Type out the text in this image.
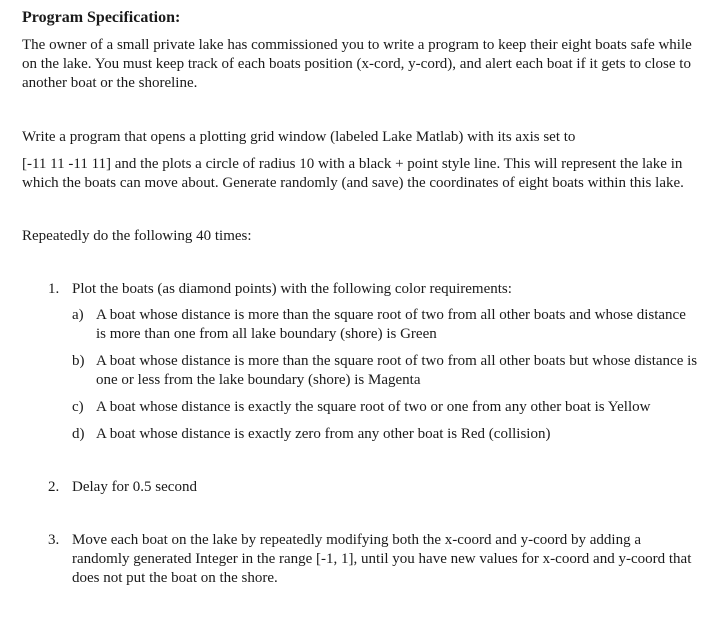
Program Specification:

The owner of a small private lake has commissioned you to write a program to keep their eight boats safe while on the lake. You must keep track of each boats position (x-cord, y-cord), and alert each boat if it gets to close to another boat or the shoreline.

Write a program that opens a plotting grid window (labeled Lake Matlab) with its axis set to

[-11 11 -11 11] and the plots a circle of radius 10 with a black + point style line. This will represent the lake in which the boats can move about. Generate randomly (and save) the coordinates of eight boats within this lake.

Repeatedly do the following 40 times:

1. Plot the boats (as diamond points) with the following color requirements:
a) A boat whose distance is more than the square root of two from all other boats and whose distance is more than one from all lake boundary (shore) is Green
b) A boat whose distance is more than the square root of two from all other boats but whose distance is one or less from the lake boundary (shore) is Magenta
c) A boat whose distance is exactly the square root of two or one from any other boat is Yellow
d) A boat whose distance is exactly zero from any other boat is Red (collision)
2. Delay for 0.5 second
3. Move each boat on the lake by repeatedly modifying both the x-coord and y-coord by adding a randomly generated Integer in the range [-1, 1], until you have new values for x-coord and y-coord that does not put the boat on the shore.
